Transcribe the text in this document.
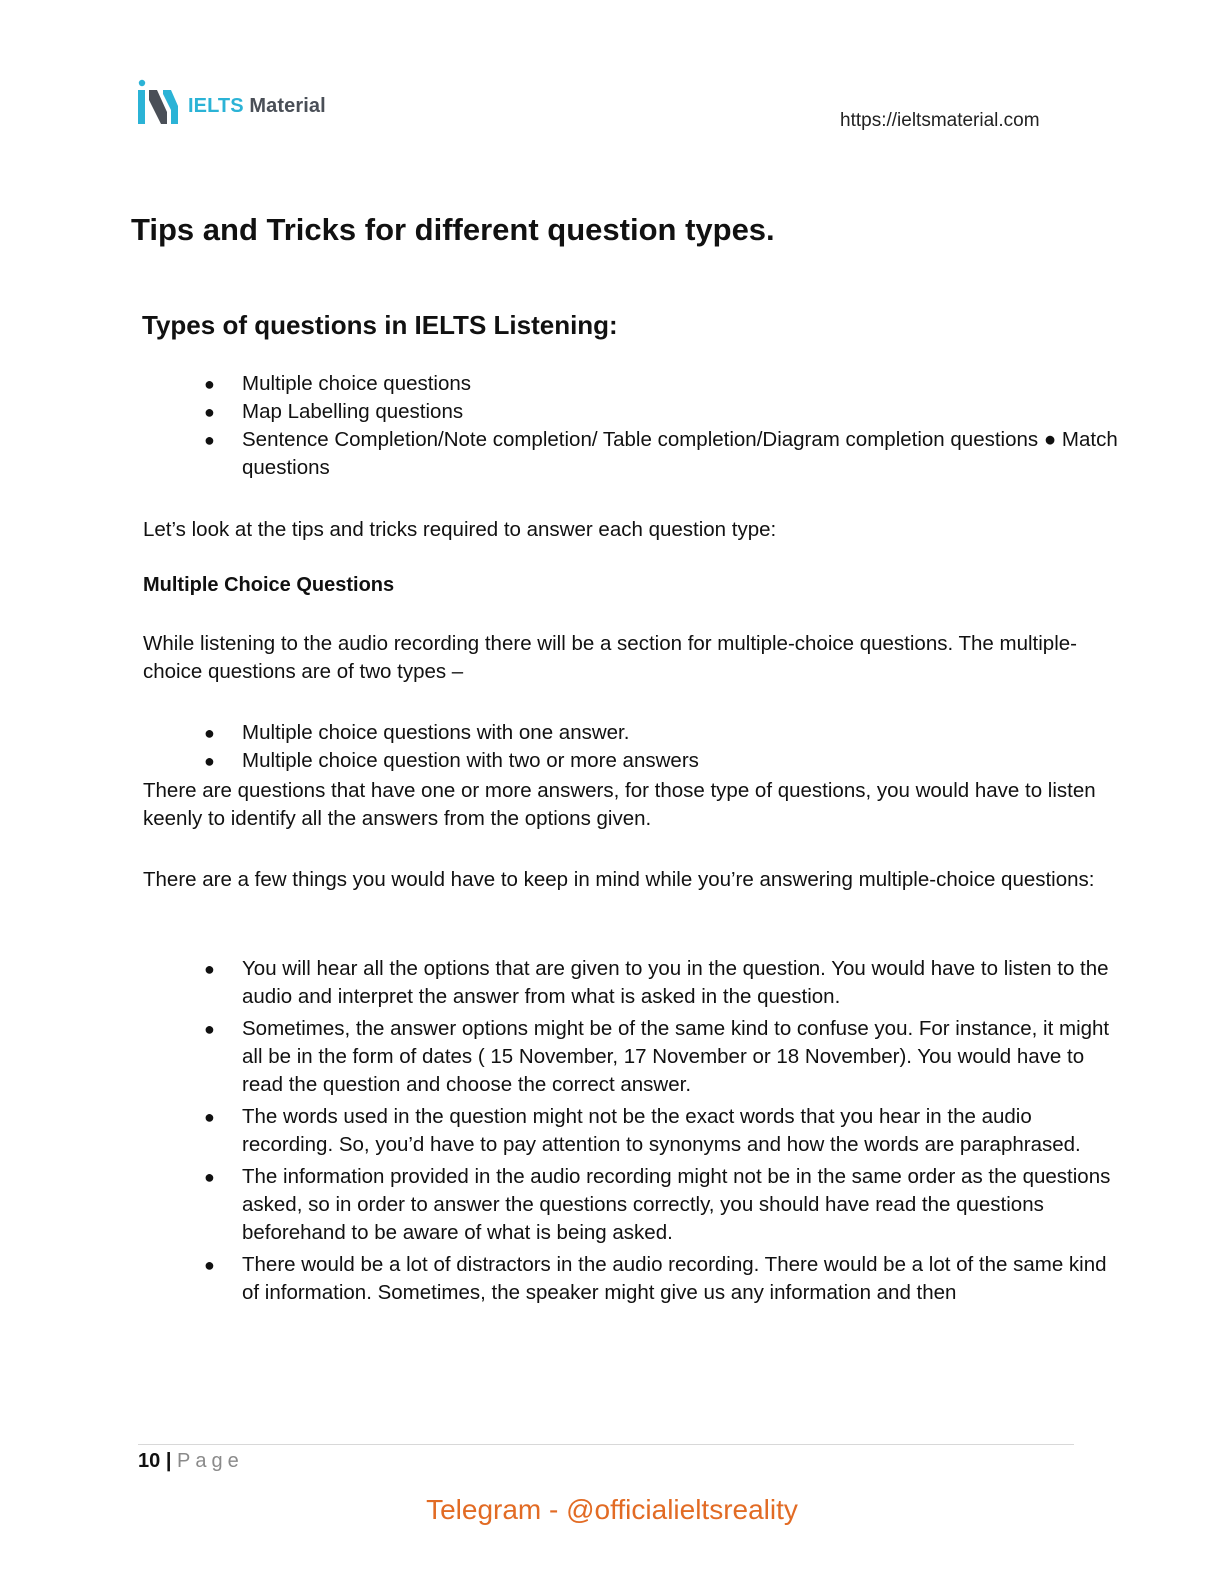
IELTS Material
https://ieltsmaterial.com
Tips and Tricks for different question types.
Types of questions in IELTS Listening:
● Multiple choice questions
● Map Labelling questions
● Sentence Completion/Note completion/ Table completion/Diagram completion questions ● Match questions

Let’s look at the tips and tricks required to answer each question type:

Multiple Choice Questions

While listening to the audio recording there will be a section for multiple-choice questions. The multiple-choice questions are of two types –

● Multiple choice questions with one answer.
● Multiple choice question with two or more answers

There are questions that have one or more answers, for those type of questions, you would have to listen keenly to identify all the answers from the options given.

There are a few things you would have to keep in mind while you’re answering multiple-choice questions:

● You will hear all the options that are given to you in the question. You would have to listen to the audio and interpret the answer from what is asked in the question.
● Sometimes, the answer options might be of the same kind to confuse you. For instance, it might all be in the form of dates ( 15 November, 17 November or 18 November). You would have to read the question and choose the correct answer.
● The words used in the question might not be the exact words that you hear in the audio recording. So, you’d have to pay attention to synonyms and how the words are paraphrased.
● The information provided in the audio recording might not be in the same order as the questions asked, so in order to answer the questions correctly, you should have read the questions beforehand to be aware of what is being asked.
● There would be a lot of distractors in the audio recording. There would be a lot of the same kind of information. Sometimes, the speaker might give us any information and then
10 | Page
Telegram - @officialieltsreality
